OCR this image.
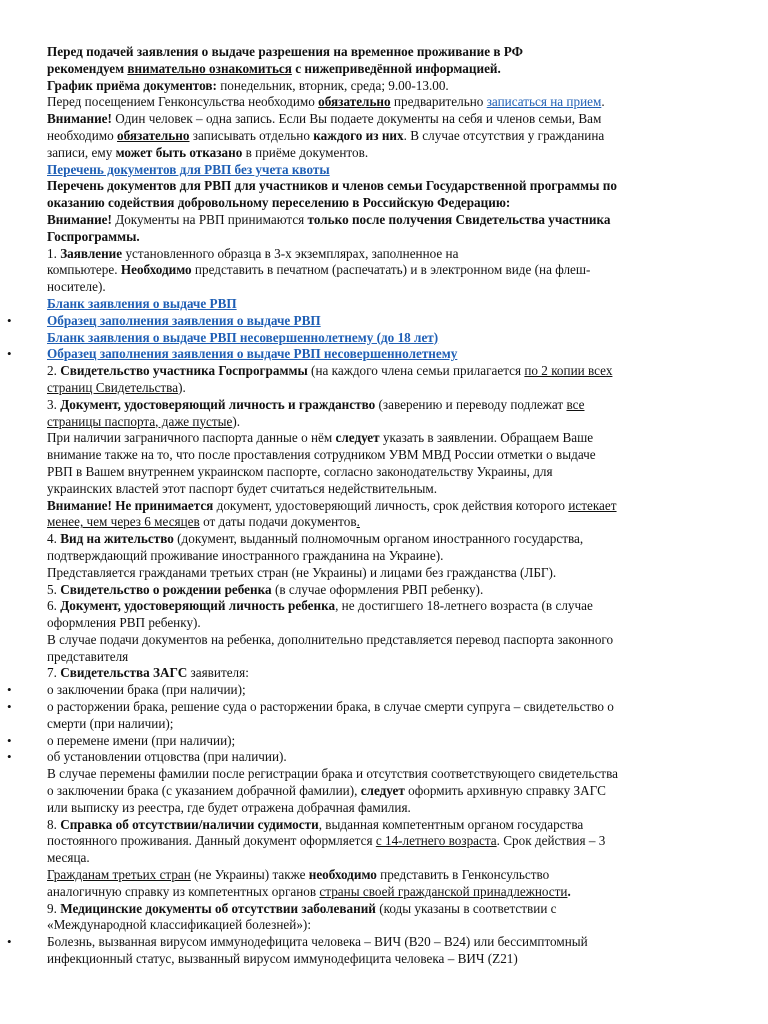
Перед подачей заявления о выдаче разрешения на временное проживание в РФ

рекомендуем внимательно ознакомиться с нижеприведённой информацией.

График приёма документов: понедельник, вторник, среда; 9.00-13.00.

Перед посещением Генконсульства необходимо обязательно предварительно записаться на прием.

Внимание! Один человек – одна запись. Если Вы подаете документы на себя и членов семьи, Вам

необходимо обязательно записывать отдельно каждого из них. В случае отсутствия у гражданина

записи, ему может быть отказано в приёме документов.

Перечень документов для РВП без учета квоты

Перечень документов для РВП для участников и членов семьи Государственной программы по

оказанию содействия добровольному переселению в Российскую Федерацию:

Внимание! Документы на РВП принимаются только после получения Свидетельства участника

Госпрограммы.

1. Заявление установленного образца в 3-х экземплярах, заполненное на

компьютере. Необходимо представить в печатном (распечатать) и в электронном виде (на флеш-

носителе).

Бланк заявления о выдаче РВП

• Образец заполнения заявления о выдаче РВП

Бланк заявления о выдаче РВП несовершеннолетнему (до 18 лет)

• Образец заполнения заявления о выдаче РВП несовершеннолетнему

2. Свидетельство участника Госпрограммы (на каждого члена семьи прилагается по 2 копии всех

страниц Свидетельства).

3. Документ, удостоверяющий личность и гражданство (заверению и переводу подлежат все

страницы паспорта, даже пустые).

При наличии заграничного паспорта данные о нём следует указать в заявлении. Обращаем Ваше

внимание также на то, что после проставления сотрудником УВМ МВД России отметки о выдаче

РВП в Вашем внутреннем украинском паспорте, согласно законодательству Украины, для

украинских властей этот паспорт будет считаться недействительным.

Внимание! Не принимается документ, удостоверяющий личность, срок действия которого истекает

менее, чем через 6 месяцев от даты подачи документов.

4. Вид на жительство (документ, выданный полномочным органом иностранного государства,

подтверждающий проживание иностранного гражданина на Украине).

Представляется гражданами третьих стран (не Украины) и лицами без гражданства (ЛБГ).

5. Свидетельство о рождении ребенка (в случае оформления РВП ребенку).

6. Документ, удостоверяющий личность ребенка, не достигшего 18-летнего возраста (в случае

оформления РВП ребенку).

В случае подачи документов на ребенка, дополнительно представляется перевод паспорта законного

представителя

7. Свидетельства ЗАГС заявителя:

• о заключении брака (при наличии);

• о расторжении брака, решение суда о расторжении брака, в случае смерти супруга – свидетельство о

смерти (при наличии);

• о перемене имени (при наличии);

• об установлении отцовства (при наличии).

В случае перемены фамилии после регистрации брака и отсутствия соответствующего свидетельства

о заключении брака (с указанием добрачной фамилии), следует оформить архивную справку ЗАГС

или выписку из реестра, где будет отражена добрачная фамилия.

8. Справка об отсутствии/наличии судимости, выданная компетентным органом государства

постоянного проживания. Данный документ оформляется с 14-летнего возраста. Срок действия – 3

месяца.

Гражданам третьих стран (не Украины) также необходимо представить в Генконсульство

аналогичную справку из компетентных органов страны своей гражданской принадлежности.

9. Медицинские документы об отсутствии заболеваний (коды указаны в соответствии с

«Международной классификацией болезней»):

• Болезнь, вызванная вирусом иммунодефицита человека – ВИЧ (В20 – В24) или бессимптомный

инфекционный статус, вызванный вирусом иммунодефицита человека – ВИЧ (Z21)
